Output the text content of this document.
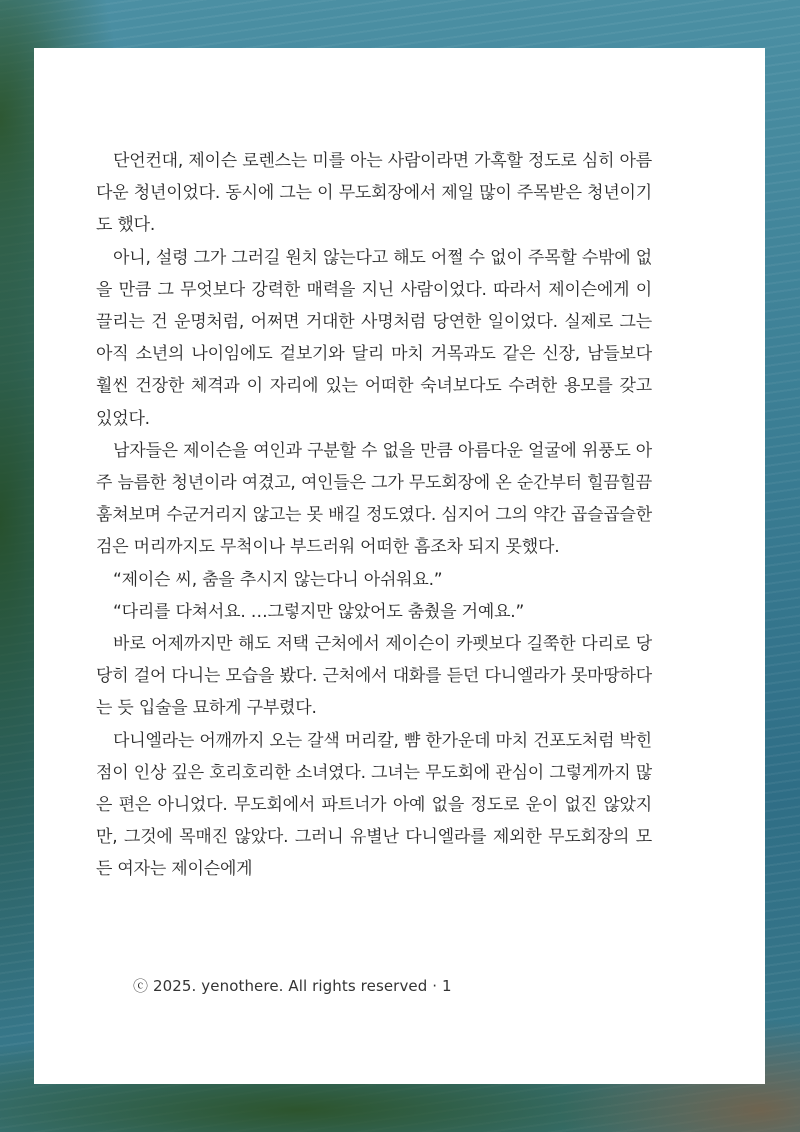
단언컨대, 제이슨 로렌스는 미를 아는 사람이라면 가혹할 정도로 심히 아름다운 청년이었다. 동시에 그는 이 무도회장에서 제일 많이 주목받은 청년이기도 했다.

아니, 설령 그가 그러길 원치 않는다고 해도 어쩔 수 없이 주목할 수밖에 없을 만큼 그 무엇보다 강력한 매력을 지닌 사람이었다. 따라서 제이슨에게 이끌리는 건 운명처럼, 어쩌면 거대한 사명처럼 당연한 일이었다. 실제로 그는 아직 소년의 나이임에도 겉보기와 달리 마치 거목과도 같은 신장, 남들보다 훨씬 건장한 체격과 이 자리에 있는 어떠한 숙녀보다도 수려한 용모를 갖고 있었다.

남자들은 제이슨을 여인과 구분할 수 없을 만큼 아름다운 얼굴에 위풍도 아주 늠름한 청년이라 여겼고, 여인들은 그가 무도회장에 온 순간부터 힐끔힐끔 훔쳐보며 수군거리지 않고는 못 배길 정도였다. 심지어 그의 약간 곱슬곱슬한 검은 머리까지도 무척이나 부드러워 어떠한 흠조차 되지 못했다.

“제이슨 씨, 춤을 추시지 않는다니 아쉬워요.”

“다리를 다쳐서요. …그렇지만 않았어도 춤췄을 거예요.”

바로 어제까지만 해도 저택 근처에서 제이슨이 카펫보다 길쭉한 다리로 당당히 걸어 다니는 모습을 봤다. 근처에서 대화를 듣던 다니엘라가 못마땅하다는 듯 입술을 묘하게 구부렸다.

다니엘라는 어깨까지 오는 갈색 머리칼, 뺨 한가운데 마치 건포도처럼 박힌 점이 인상 깊은 호리호리한 소녀였다. 그녀는 무도회에 관심이 그렇게까지 많은 편은 아니었다. 무도회에서 파트너가 아예 없을 정도로 운이 없진 않았지만, 그것에 목매진 않았다. 그러니 유별난 다니엘라를 제외한 무도회장의 모든 여자는 제이슨에게

ⓒ 2025. yenothere. All rights reserved · 1
